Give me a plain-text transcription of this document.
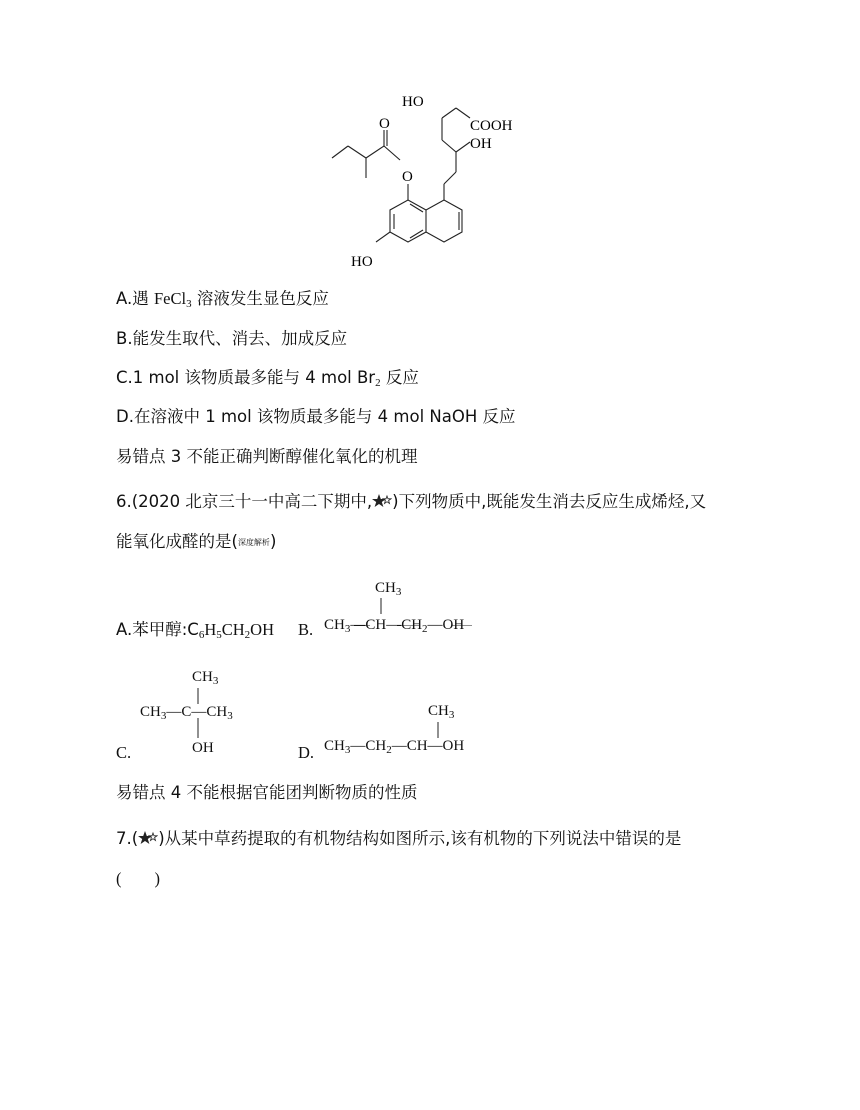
HO
COOH
OH
O
O
HO
A.遇 FeCl$_3$ 溶液发生显色反应
B.能发生取代、消去、加成反应
C.1 mol 该物质最多能与 4 mol $Br_2$ 反应
D.在溶液中 1 mol 该物质最多能与 4 mol NaOH 反应
易错点 3 不能正确判断醇催化氧化的机理
6.(2020 北京三十一中高二下期中, )下列物质中,既能发生消去反应生成烯烃,又
能氧化成醛的是(深度解析)
A.苯甲醇$:C_6H_5CH_2OH$ B.
$CH_3$
$CH_3—CH—CH_2—OH$
$CH_3$
$CH_3—C—CH_3$
OH
C.	D.
$CH_3$
$CH_3—CH_2—CH—OH$
易错点 4 不能根据官能团判断物质的性质
7.( )从某中草药提取的有机物结构如图所示,该有机物的下列说法中错误的是
(        )
